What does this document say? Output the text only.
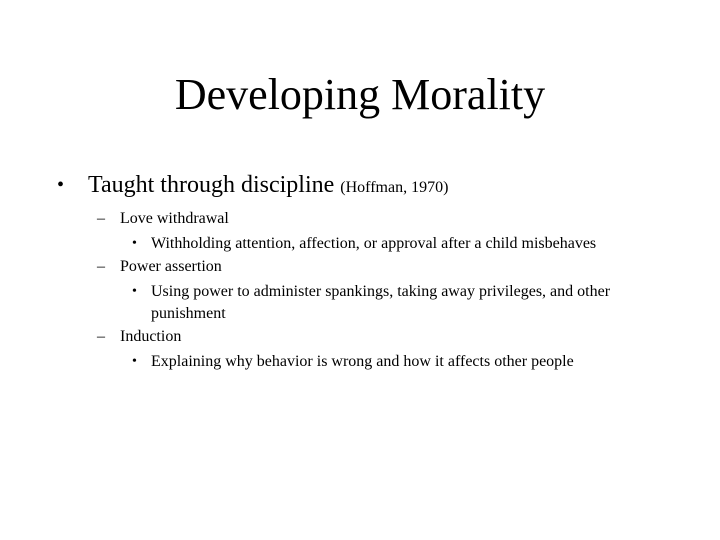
Developing Morality
• Taught through discipline (Hoffman, 1970)
– Love withdrawal
• Withholding attention, affection, or approval after a child misbehaves
– Power assertion
• Using power to administer spankings, taking away privileges, and other punishment
– Induction
• Explaining why behavior is wrong and how it affects other people
